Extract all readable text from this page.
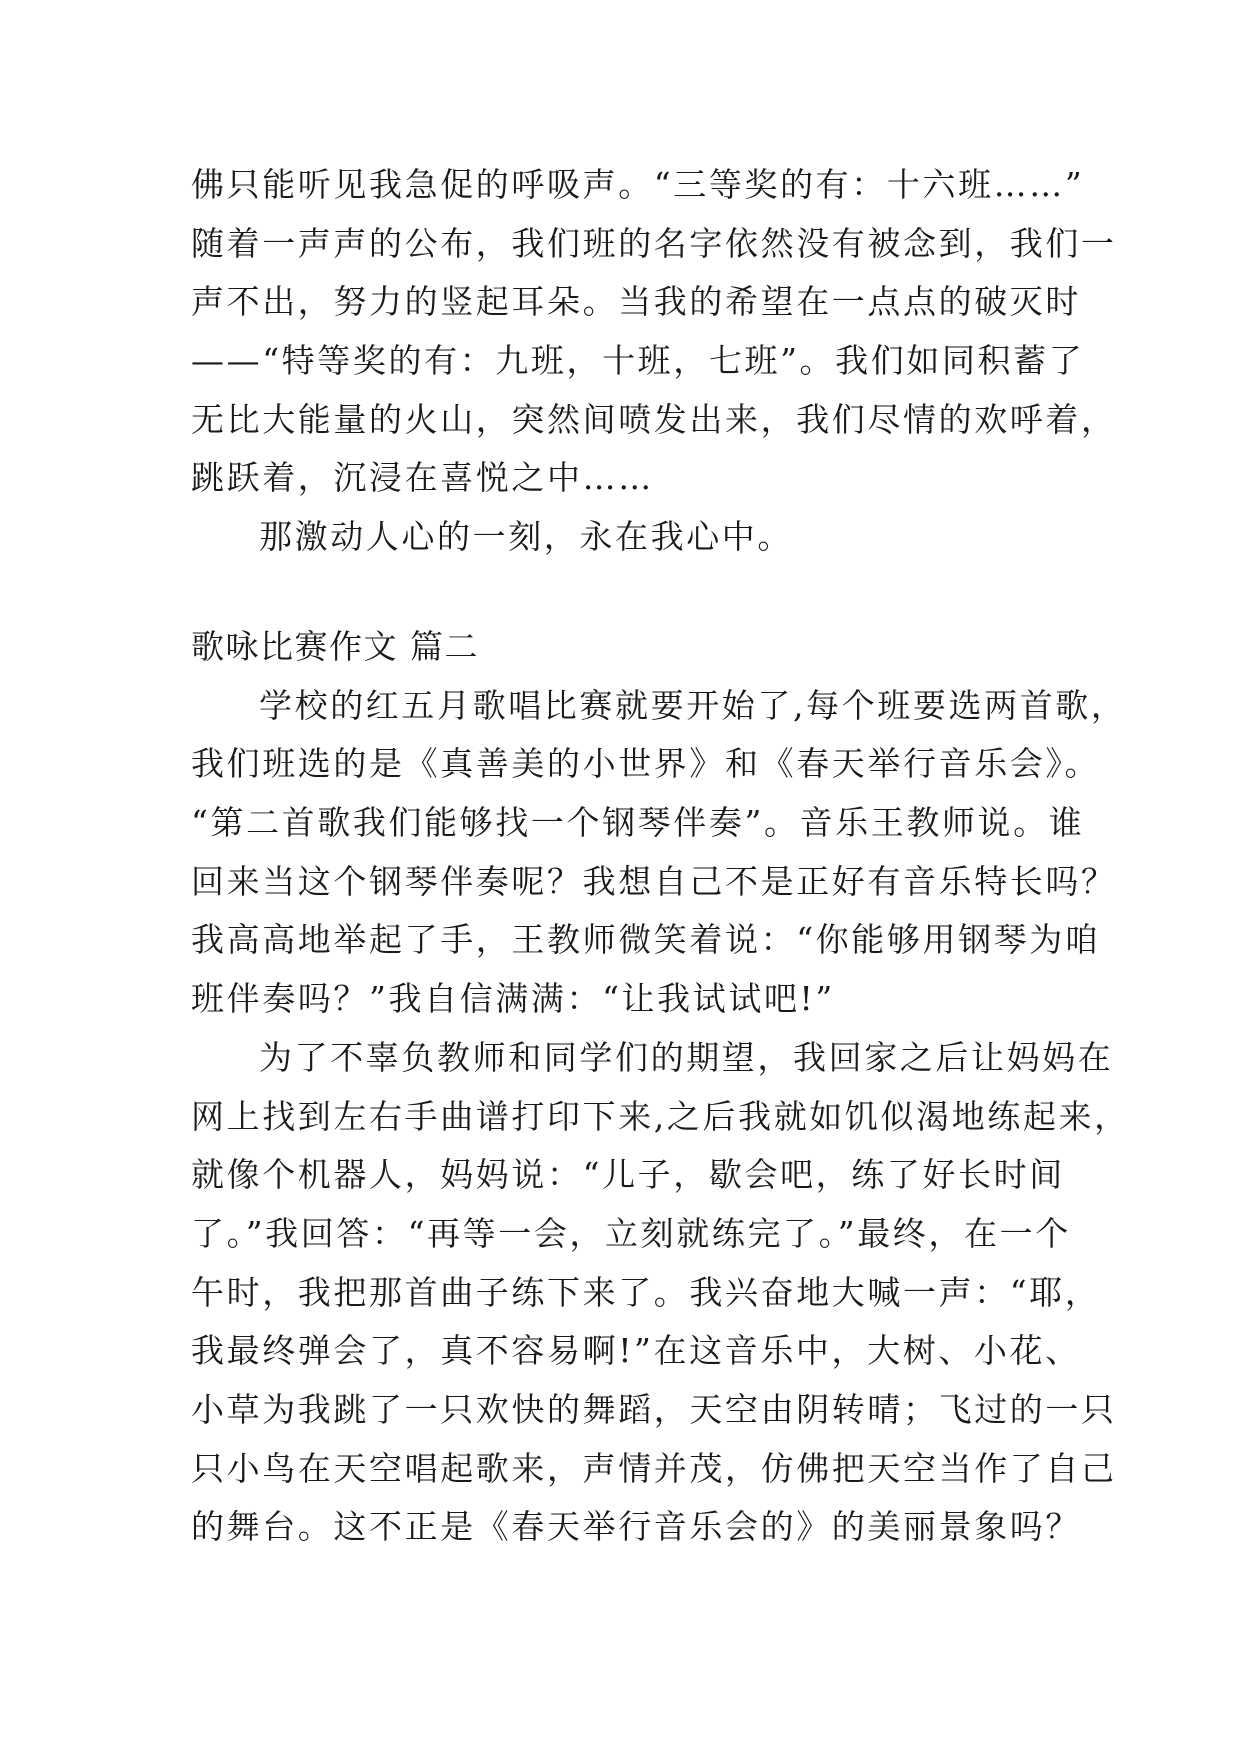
佛只能听见我急促的呼吸声。“三等奖的有：十六班……”
随着一声声的公布，我们班的名字依然没有被念到，我们一
声不出，努力的竖起耳朵。当我的希望在一点点的破灭时
——“特等奖的有：九班，十班，七班”。我们如同积蓄了
无比大能量的火山，突然间喷发出来，我们尽情的欢呼着，
跳跃着，沉浸在喜悦之中……
那激动人心的一刻，永在我心中。
歌咏比赛作文 篇二
学校的红五月歌唱比赛就要开始了,每个班要选两首歌，
我们班选的是《真善美的小世界》和《春天举行音乐会》。
“第二首歌我们能够找一个钢琴伴奏”。音乐王教师说。谁
回来当这个钢琴伴奏呢？我想自己不是正好有音乐特长吗？
我高高地举起了手，王教师微笑着说：“你能够用钢琴为咱
班伴奏吗？”我自信满满：“让我试试吧!”
为了不辜负教师和同学们的期望，我回家之后让妈妈在
网上找到左右手曲谱打印下来,之后我就如饥似渴地练起来，
就像个机器人，妈妈说：“儿子，歇会吧，练了好长时间
了。”我回答：“再等一会，立刻就练完了。”最终，在一个
午时，我把那首曲子练下来了。我兴奋地大喊一声：“耶，
我最终弹会了，真不容易啊!”在这音乐中，大树、小花、
小草为我跳了一只欢快的舞蹈，天空由阴转晴；飞过的一只
只小鸟在天空唱起歌来，声情并茂，仿佛把天空当作了自己
的舞台。这不正是《春天举行音乐会的》的美丽景象吗？
